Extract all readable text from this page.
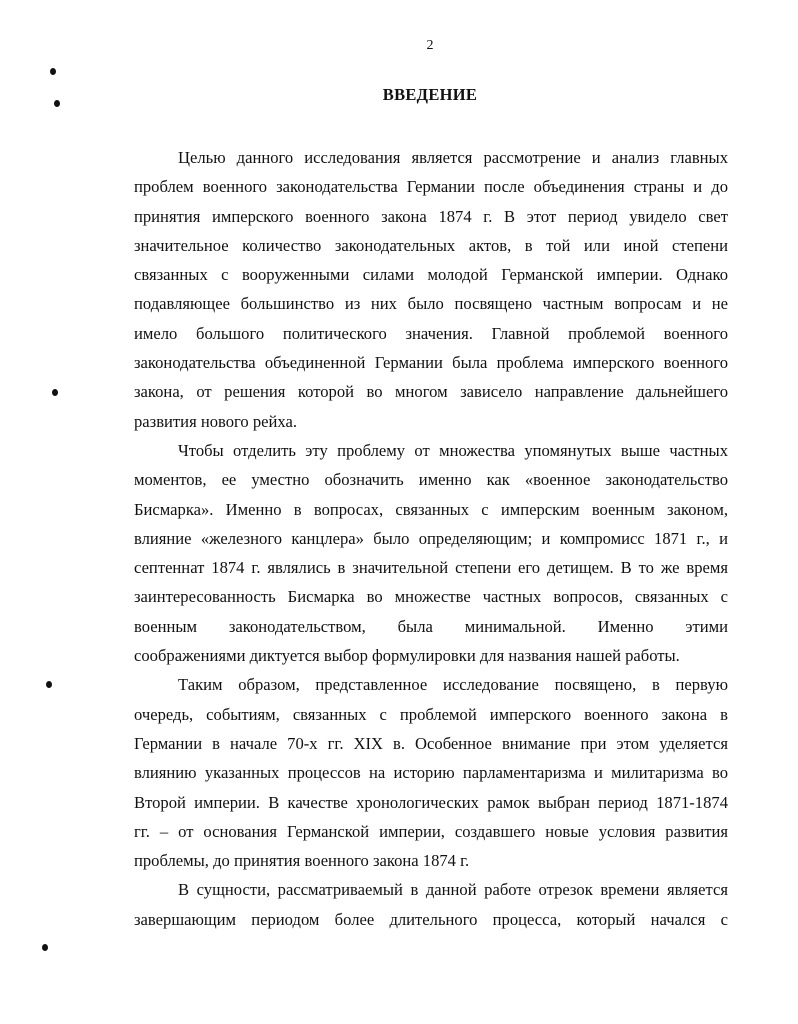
2
ВВЕДЕНИЕ
Целью данного исследования является рассмотрение и анализ главных
проблем военного законодательства Германии после объединения страны и до
принятия имперского военного закона 1874 г. В этот период увидело свет
значительное количество законодательных актов, в той или иной степени
связанных с вооруженными силами молодой Германской империи. Однако
подавляющее большинство из них было посвящено частным вопросам и не
имело большого политического значения. Главной проблемой военного
законодательства объединенной Германии была проблема имперского военного
закона, от решения которой во многом зависело направление дальнейшего
развития нового рейха.
Чтобы отделить эту проблему от множества упомянутых выше частных
моментов, ее уместно обозначить именно как «военное законодательство
Бисмарка». Именно в вопросах, связанных с имперским военным законом,
влияние «железного канцлера» было определяющим; и компромисс 1871 г., и
септеннат 1874 г. являлись в значительной степени его детищем. В то же время
заинтересованность Бисмарка во множестве частных вопросов, связанных с
военным законодательством, была минимальной. Именно этими
соображениями диктуется выбор формулировки для названия нашей работы.
Таким образом, представленное исследование посвящено, в первую
очередь, событиям, связанных с проблемой имперского военного закона в
Германии в начале 70-х гг. XIX в. Особенное внимание при этом уделяется
влиянию указанных процессов на историю парламентаризма и милитаризма во
Второй империи. В качестве хронологических рамок выбран период 1871-1874
гг. – от основания Германской империи, создавшего новые условия развития
проблемы, до принятия военного закона 1874 г.
В сущности, рассматриваемый в данной работе отрезок времени является
завершающим периодом более длительного процесса, который начался с
